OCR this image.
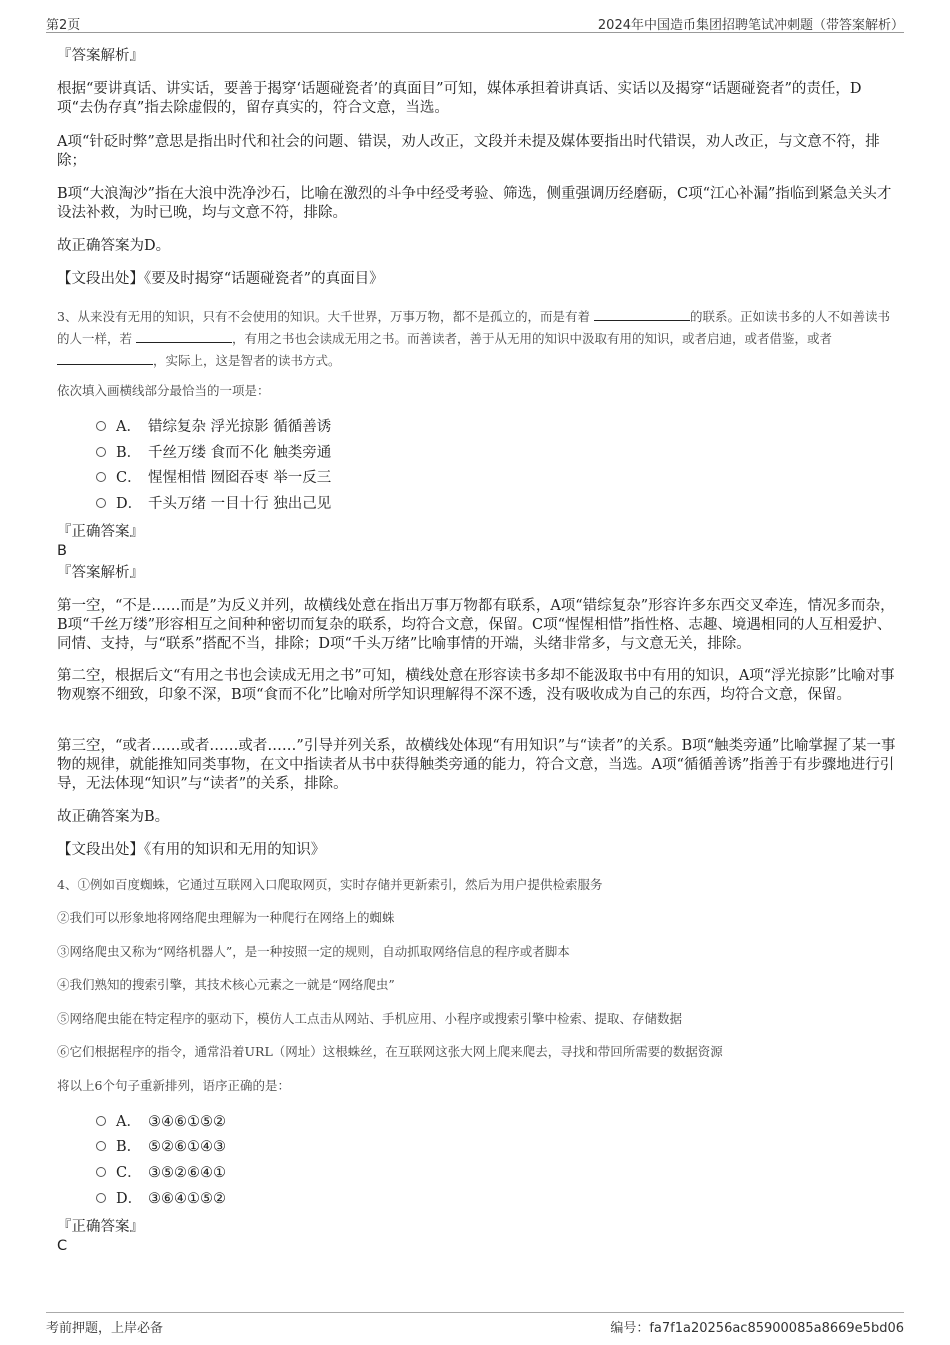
第2页	2024年中国造币集团招聘笔试冲刺题（带答案解析）

『答案解析』

根据“要讲真话、讲实话，要善于揭穿‘话题碰瓷者’的真面目”可知，媒体承担着讲真话、实话以及揭穿“话题碰瓷者”的责任，D项“去伪存真”指去除虚假的，留存真实的，符合文意，当选。

A项“针砭时弊”意思是指出时代和社会的问题、错误，劝人改正，文段并未提及媒体要指出时代错误，劝人改正，与文意不符，排除；

B项“大浪淘沙”指在大浪中洗净沙石，比喻在激烈的斗争中经受考验、筛选，侧重强调历经磨砺，C项“江心补漏”指临到紧急关头才设法补救，为时已晚，均与文意不符，排除。

故正确答案为D。

【文段出处】《要及时揭穿“话题碰瓷者”的真面目》

3、从来没有无用的知识，只有不会使用的知识。大千世界，万事万物，都不是孤立的，而是有着	的联系。正如读书多的人不如善读书的人一样，若	，有用之书也会读成无用之书。而善读者，善于从无用的知识中汲取有用的知识，或者启迪，或者借鉴，或者 ，实际上，这是智者的读书方式。

依次填入画横线部分最恰当的一项是：

A． 错综复杂 浮光掠影 循循善诱
B． 千丝万缕 食而不化 触类旁通
C． 惺惺相惜 囫囵吞枣 举一反三
D． 千头万绪 一目十行 独出己见

『正确答案』

B

『答案解析』

第一空，“不是……而是”为反义并列，故横线处意在指出万事万物都有联系，A项“错综复杂”形容许多东西交叉牵连，情况多而杂，B项“千丝万缕”形容相互之间种种密切而复杂的联系，均符合文意，保留。C项“惺惺相惜”指性格、志趣、境遇相同的人互相爱护、同情、支持，与“联系”搭配不当，排除；D项“千头万绪”比喻事情的开端，头绪非常多，与文意无关，排除。

第二空，根据后文“有用之书也会读成无用之书”可知，横线处意在形容读书多却不能汲取书中有用的知识，A项“浮光掠影”比喻对事物观察不细致，印象不深，B项“食而不化”比喻对所学知识理解得不深不透，没有吸收成为自己的东西，均符合文意，保留。

第三空，“或者……或者……或者……”引导并列关系，故横线处体现“有用知识”与“读者”的关系。B项“触类旁通”比喻掌握了某一事物的规律，就能推知同类事物，在文中指读者从书中获得触类旁通的能力，符合文意，当选。A项“循循善诱”指善于有步骤地进行引导，无法体现“知识”与“读者”的关系，排除。

故正确答案为B。

【文段出处】《有用的知识和无用的知识》

4、①例如百度蜘蛛，它通过互联网入口爬取网页，实时存储并更新索引，然后为用户提供检索服务

②我们可以形象地将网络爬虫理解为一种爬行在网络上的蜘蛛

③网络爬虫又称为“网络机器人”，是一种按照一定的规则，自动抓取网络信息的程序或者脚本

④我们熟知的搜索引擎，其技术核心元素之一就是“网络爬虫”

⑤网络爬虫能在特定程序的驱动下，模仿人工点击从网站、手机应用、小程序或搜索引擎中检索、提取、存储数据

⑥它们根据程序的指令，通常沿着URL（网址）这根蛛丝，在互联网这张大网上爬来爬去，寻找和带回所需要的数据资源

将以上6个句子重新排列，语序正确的是：

A． ③④⑥①⑤②
B． ⑤②⑥①④③
C． ③⑤②⑥④①
D． ③⑥④①⑤②

『正确答案』

C

考前押题，上岸必备	编号：fa7f1a20256ac85900085a8669e5bd06
